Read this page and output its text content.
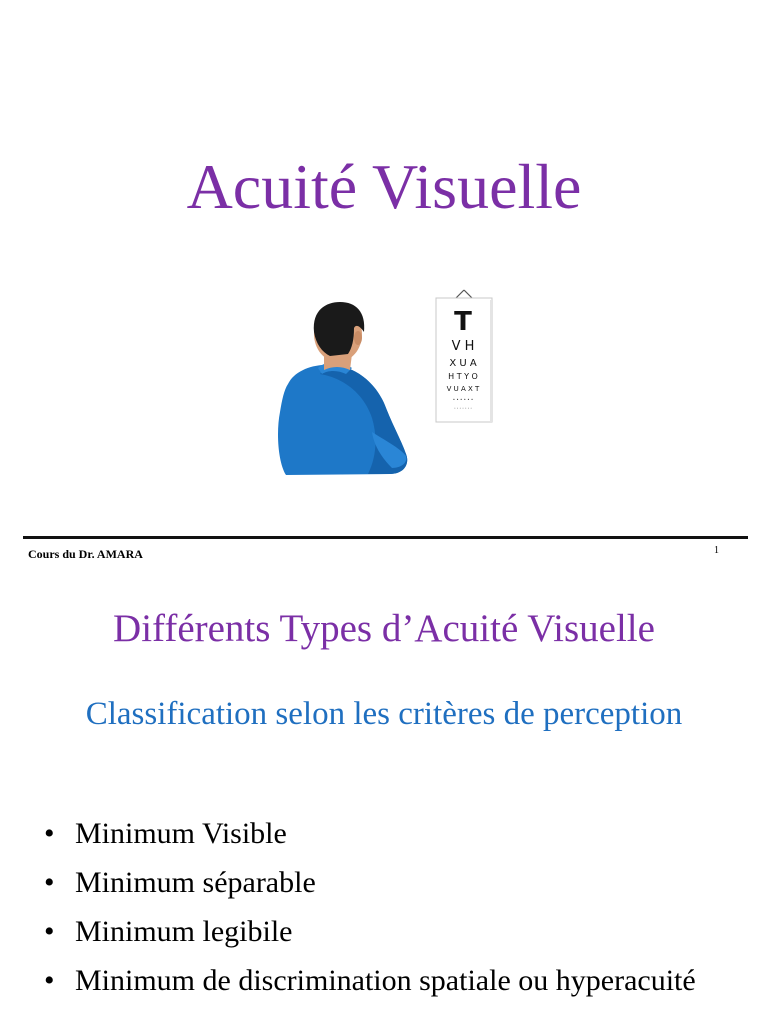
Acuité Visuelle
T
V H
X U A
H T Y O
V U A X T
• • • • • •
• • • • • • •
Cours du Dr. AMARA	1
Différents Types d’Acuité Visuelle

Classification selon les critères de perception

• Minimum Visible
• Minimum séparable
• Minimum legibile
• Minimum de discrimination spatiale ou hyperacuité
